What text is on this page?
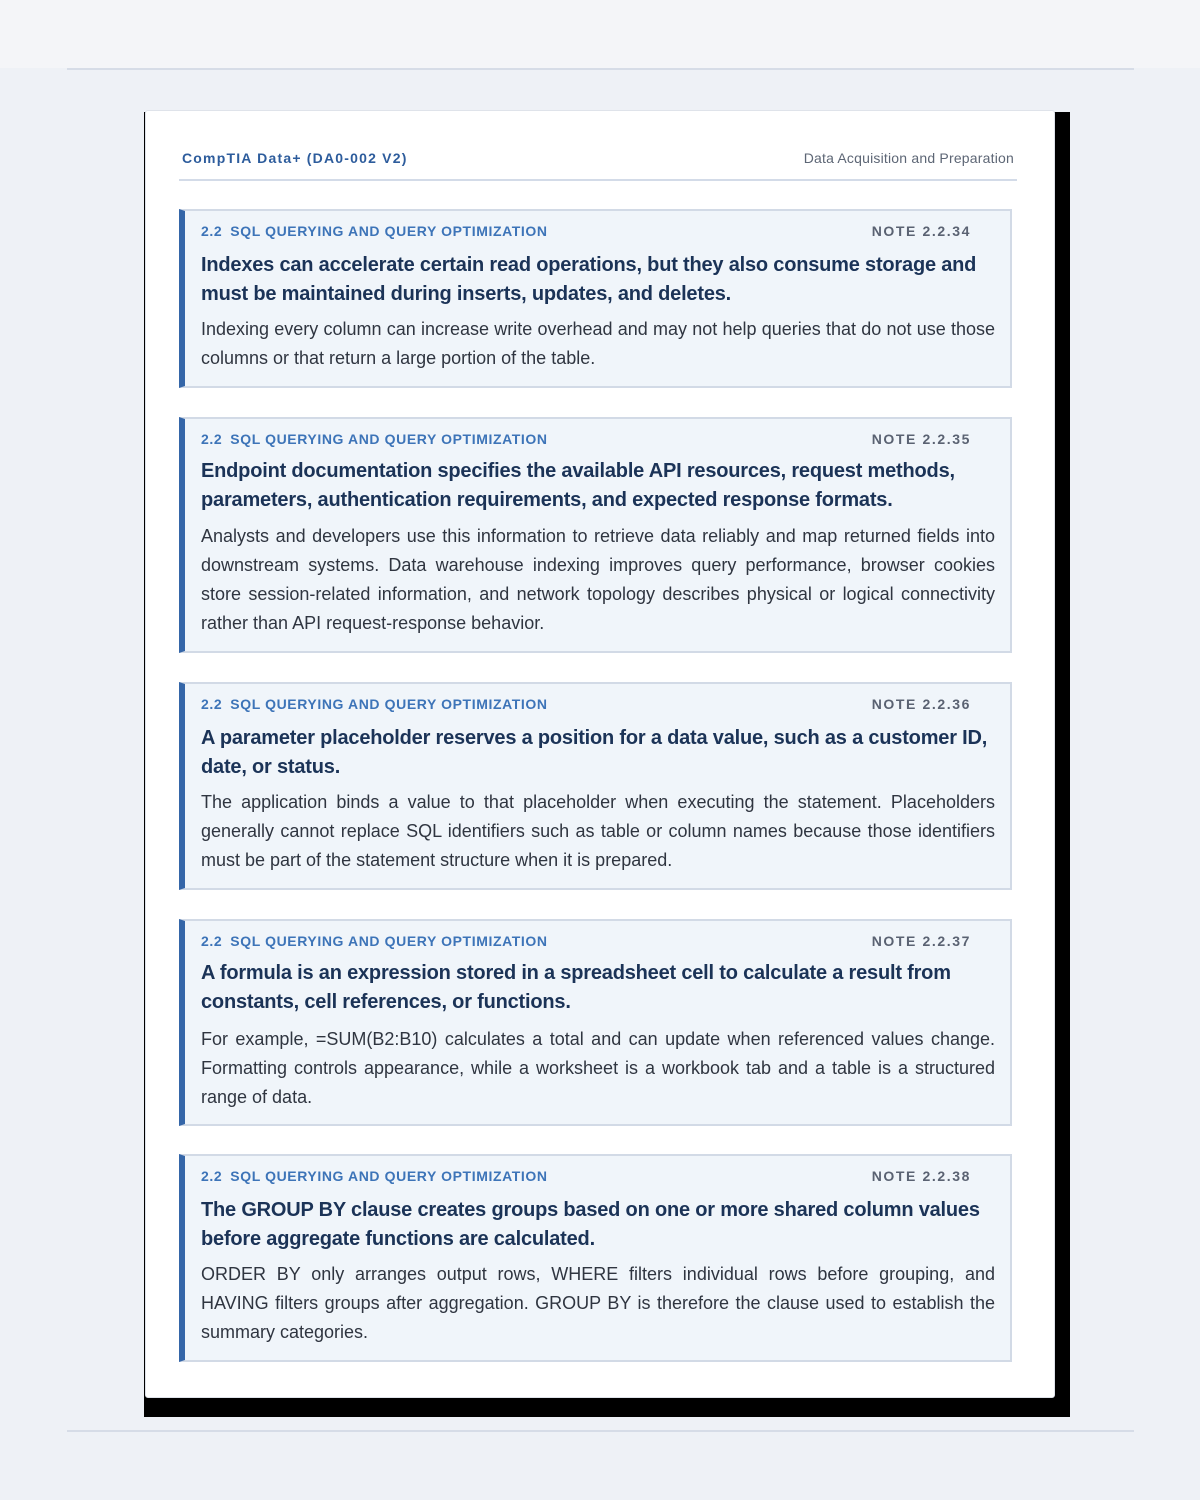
CompTIA Data+ (DA0-002 V2)	Data Acquisition and Preparation
2.2 SQL QUERYING AND QUERY OPTIMIZATION	NOTE 2.2.34
Indexes can accelerate certain read operations, but they also consume storage and must be maintained during inserts, updates, and deletes.
Indexing every column can increase write overhead and may not help queries that do not use those columns or that return a large portion of the table.
2.2 SQL QUERYING AND QUERY OPTIMIZATION	NOTE 2.2.35
Endpoint documentation specifies the available API resources, request methods, parameters, authentication requirements, and expected response formats.
Analysts and developers use this information to retrieve data reliably and map returned fields into downstream systems. Data warehouse indexing improves query performance, browser cookies store session-related information, and network topology describes physical or logical connectivity rather than API request-response behavior.
2.2 SQL QUERYING AND QUERY OPTIMIZATION	NOTE 2.2.36
A parameter placeholder reserves a position for a data value, such as a customer ID, date, or status.
The application binds a value to that placeholder when executing the statement. Placeholders generally cannot replace SQL identifiers such as table or column names because those identifiers must be part of the statement structure when it is prepared.
2.2 SQL QUERYING AND QUERY OPTIMIZATION	NOTE 2.2.37
A formula is an expression stored in a spreadsheet cell to calculate a result from constants, cell references, or functions.
For example, =SUM(B2:B10) calculates a total and can update when referenced values change. Formatting controls appearance, while a worksheet is a workbook tab and a table is a structured range of data.
2.2 SQL QUERYING AND QUERY OPTIMIZATION	NOTE 2.2.38
The GROUP BY clause creates groups based on one or more shared column values before aggregate functions are calculated.
ORDER BY only arranges output rows, WHERE filters individual rows before grouping, and HAVING filters groups after aggregation. GROUP BY is therefore the clause used to establish the summary categories.
